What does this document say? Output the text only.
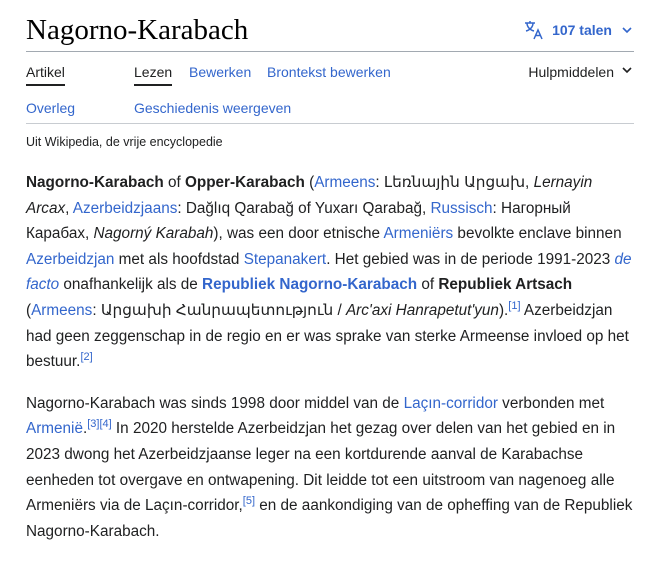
Nagorno-Karabach	107 talen
Artikel	Lezen Bewerken Brontekst bewerken	Hulpmiddelen
Overleg	Geschiedenis weergeven
Uit Wikipedia, de vrije encyclopedie

Nagorno-Karabach of Opper-Karabach (Armeens: Լեռնային Արցախ, Lernayin Arcax, Azerbeidzjaans: Dağlıq Qarabağ of Yuxarı Qarabağ, Russisch: Нагорный Карабах, Nagorný Karabah), was een door etnische Armeniërs bevolkte enclave binnen Azerbeidzjan met als hoofdstad Stepanakert. Het gebied was in de periode 1991-2023 de facto onafhankelijk als de Republiek Nagorno-Karabach of Republiek Artsach (Armeens: Արցախի Հանրապետություն / Arc'axi Hanrapetut'yun).[1] Azerbeidzjan had geen zeggenschap in de regio en er was sprake van sterke Armeense invloed op het bestuur.[2]

Nagorno-Karabach was sinds 1998 door middel van de Laçın-corridor verbonden met Armenië.[3][4] In 2020 herstelde Azerbeidzjan het gezag over delen van het gebied en in 2023 dwong het Azerbeidzjaanse leger na een kortdurende aanval de Karabachse eenheden tot overgave en ontwapening. Dit leidde tot een uitstroom van nagenoeg alle Armeniërs via de Laçın-corridor,[5] en de aankondiging van de opheffing van de Republiek Nagorno-Karabach.
